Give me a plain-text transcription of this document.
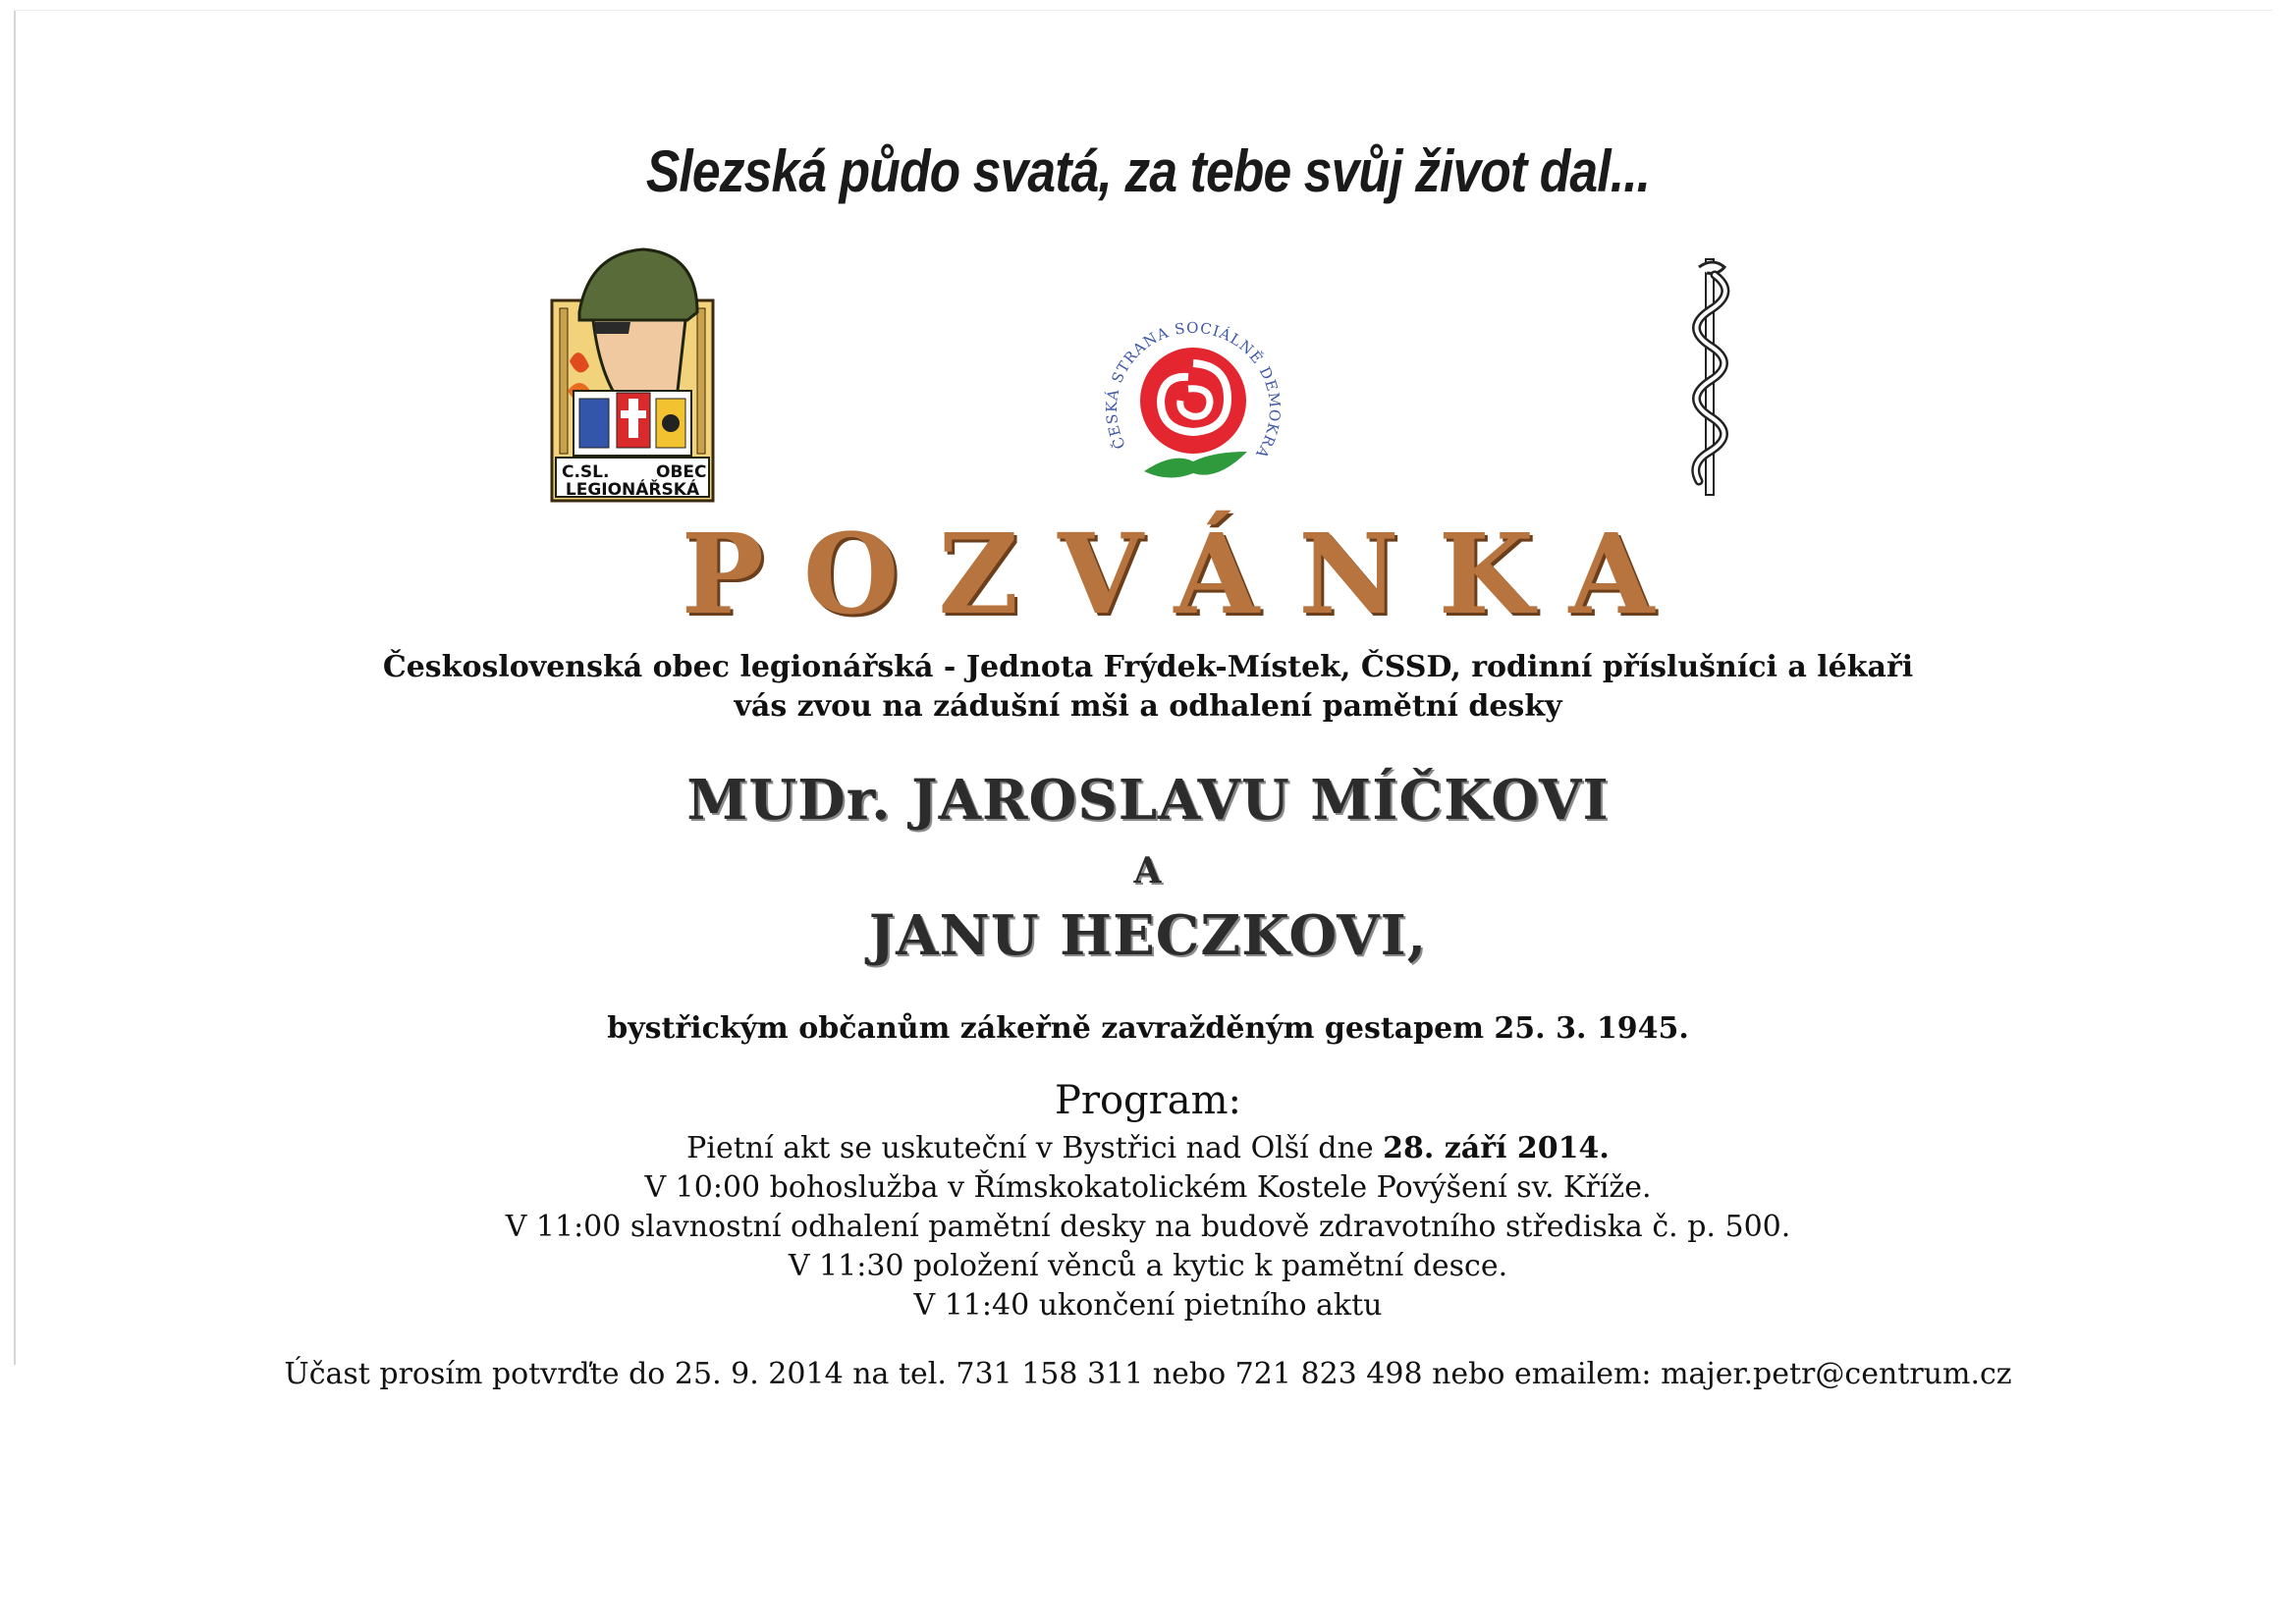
Slezská půdo svatá, za tebe svůj život dal...
C.SL.	OBEC
LEGIONÁŘSKÁ
ČESKÁ STRANA SOCIÁLNĚ DEMOKRA
POZVÁNKA
Československá obec legionářská - Jednota Frýdek-Místek, ČSSD, rodinní příslušníci a lékaři
vás zvou na zádušní mši a odhalení pamětní desky
MUDr. JAROSLAVU MÍČKOVI
A
JANU HECZKOVI,
bystřickým občanům zákeřně zavražděným gestapem 25. 3. 1945.
Program:
Pietní akt se uskuteční v Bystřici nad Olší dne 28. září 2014.
V 10:00 bohoslužba v Římskokatolickém Kostele Povýšení sv. Kříže.
V 11:00 slavnostní odhalení pamětní desky na budově zdravotního střediska č. p. 500.
V 11:30 položení věnců a kytic k pamětní desce.
V 11:40 ukončení pietního aktu
Účast prosím potvrďte do 25. 9. 2014 na tel. 731 158 311 nebo 721 823 498 nebo emailem: majer.petr@centrum.cz
